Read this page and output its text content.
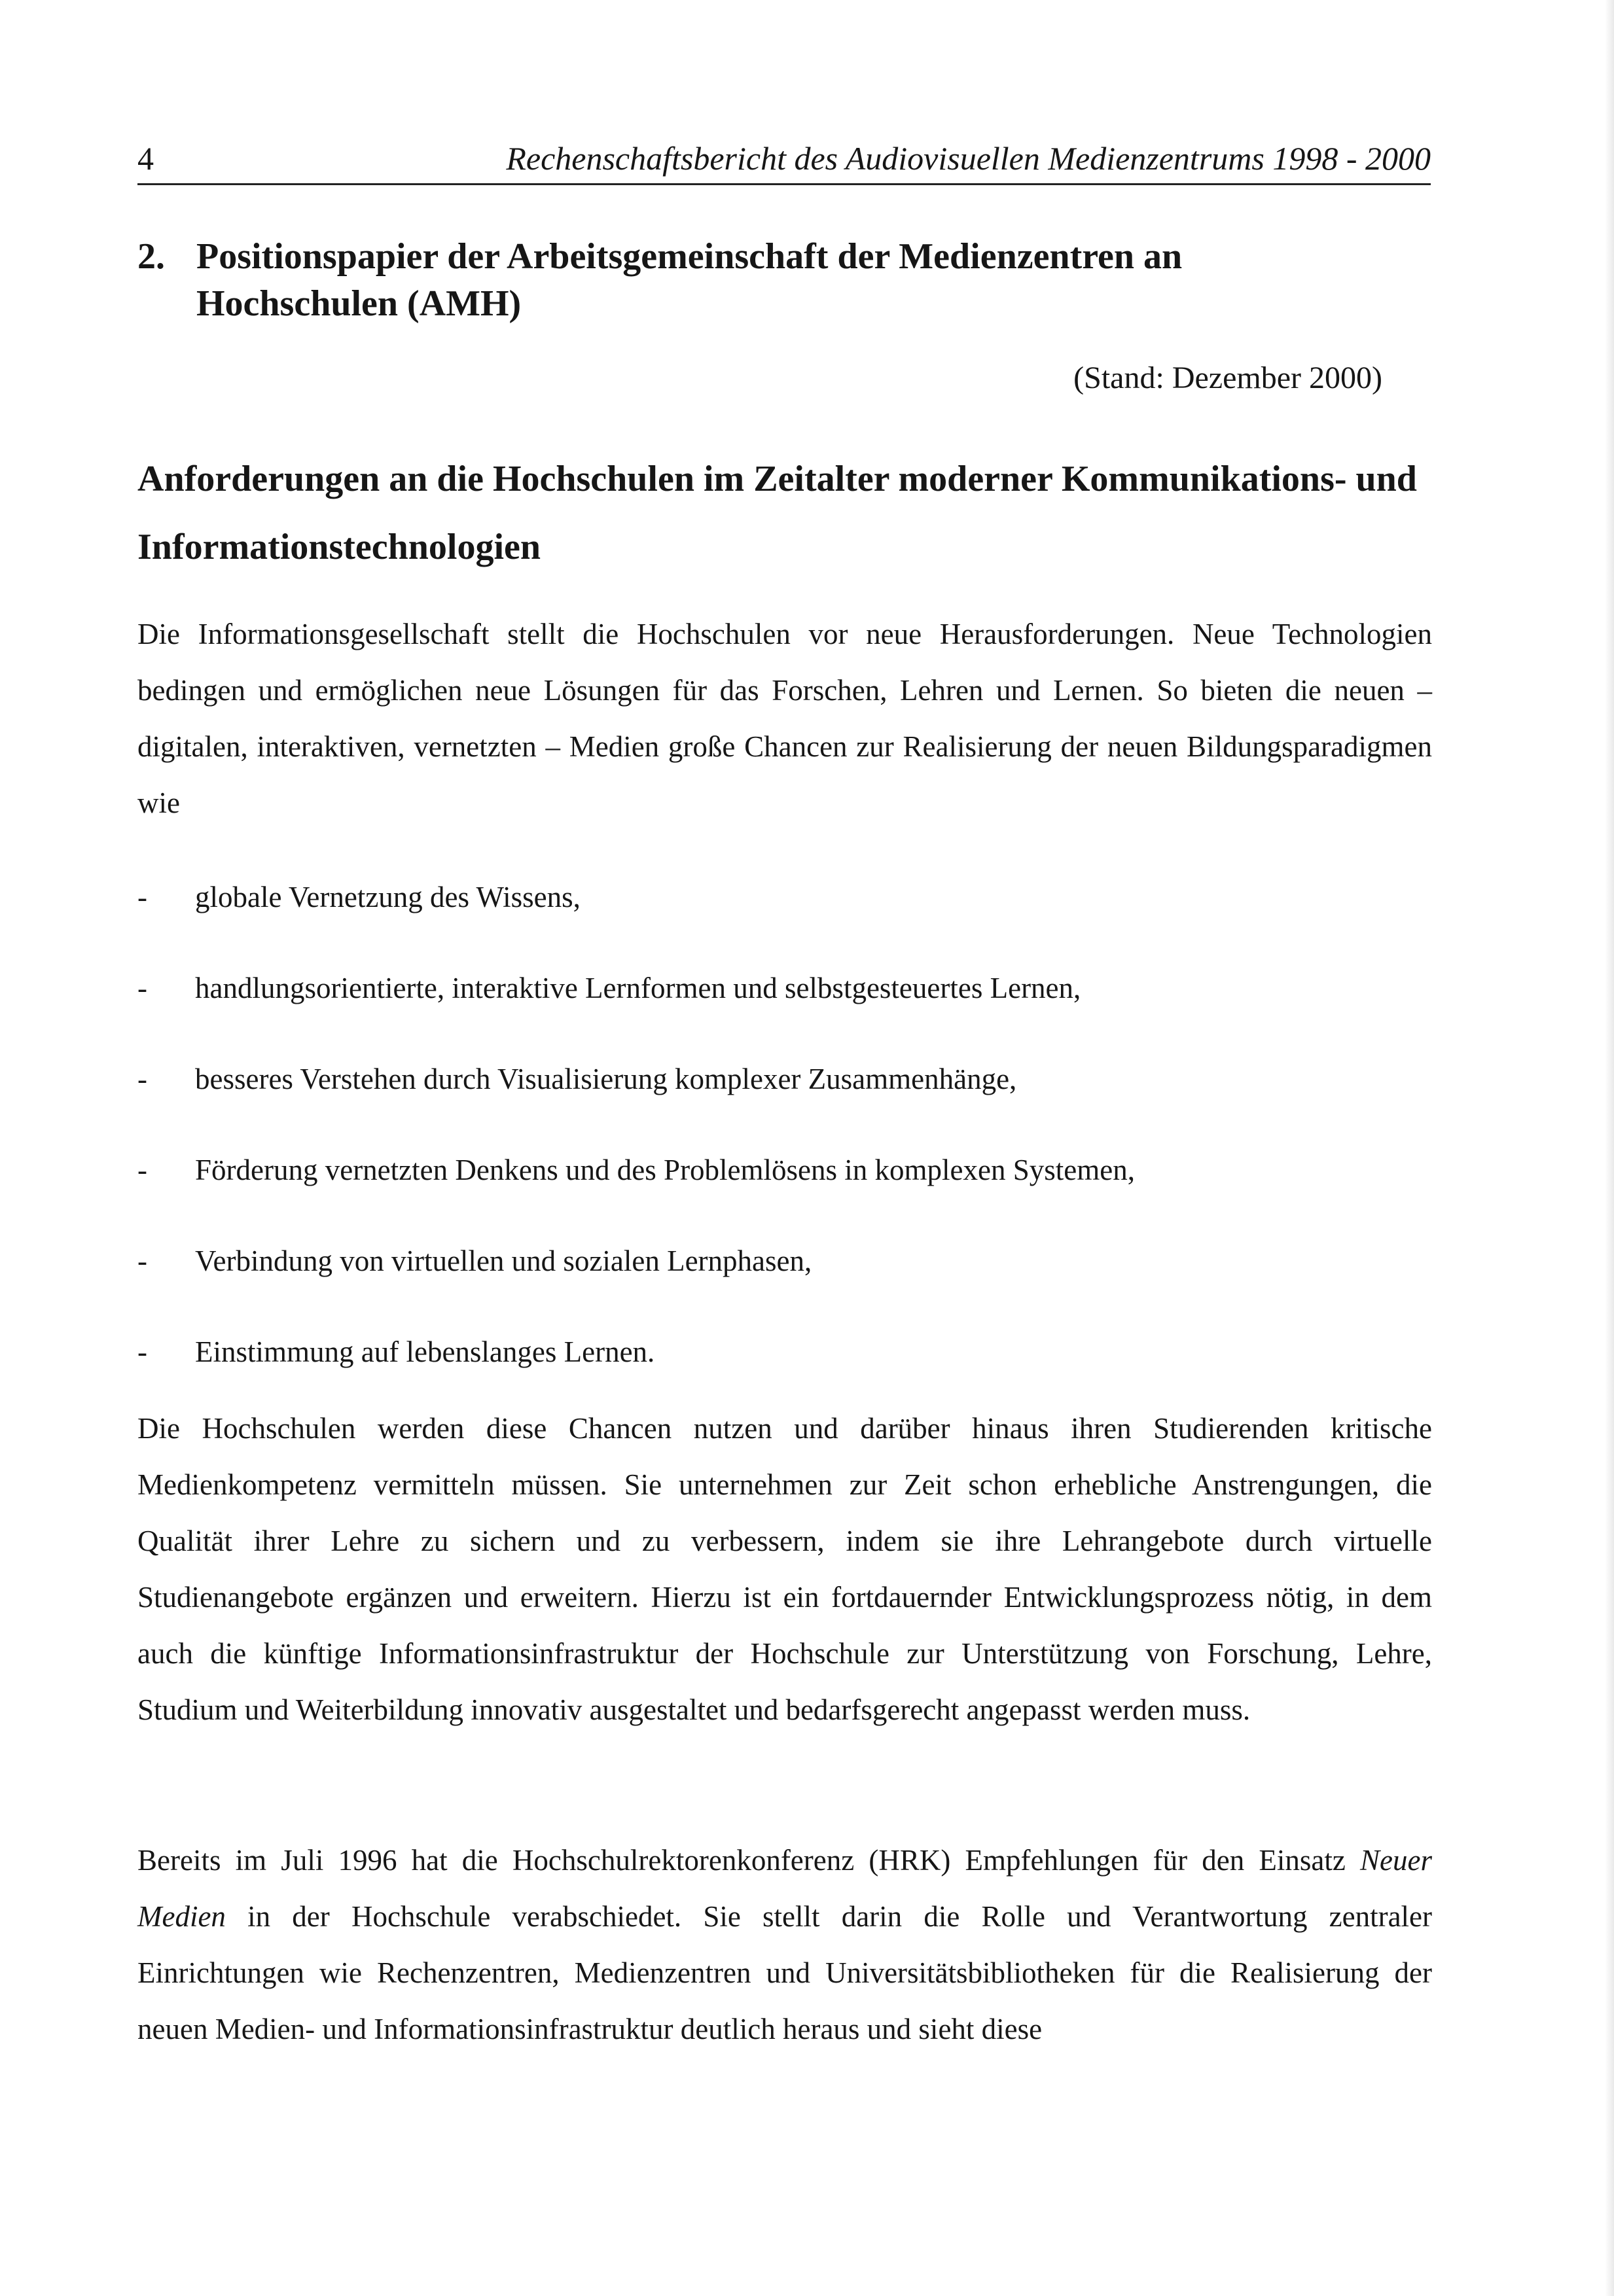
4	Rechenschaftsbericht des Audiovisuellen Medienzentrums 1998 - 2000
2. Positionspapier der Arbeitsgemeinschaft der Medienzentren an Hochschulen (AMH)
(Stand: Dezember 2000)
Anforderungen an die Hochschulen im Zeitalter moderner Kommunikations- und Informationstechnologien

Die Informationsgesellschaft stellt die Hochschulen vor neue Herausforderungen. Neue Technologien bedingen und ermöglichen neue Lösungen für das Forschen, Lehren und Lernen. So bieten die neuen – digitalen, interaktiven, vernetzten – Medien große Chancen zur Realisierung der neuen Bildungsparadigmen wie

- globale Vernetzung des Wissens,
- handlungsorientierte, interaktive Lernformen und selbstgesteuertes Lernen,
- besseres Verstehen durch Visualisierung komplexer Zusammenhänge,
- Förderung vernetzten Denkens und des Problemlösens in komplexen Systemen,
- Verbindung von virtuellen und sozialen Lernphasen,
- Einstimmung auf lebenslanges Lernen.

Die Hochschulen werden diese Chancen nutzen und darüber hinaus ihren Studierenden kritische Medienkompetenz vermitteln müssen. Sie unternehmen zur Zeit schon erhebliche Anstrengungen, die Qualität ihrer Lehre zu sichern und zu verbessern, indem sie ihre Lehrangebote durch virtuelle Studienangebote ergänzen und erweitern. Hierzu ist ein fortdauernder Entwicklungsprozess nötig, in dem auch die künftige Informationsinfrastruktur der Hochschule zur Unterstützung von Forschung, Lehre, Studium und Weiterbildung innovativ ausgestaltet und bedarfsgerecht angepasst werden muss.

Bereits im Juli 1996 hat die Hochschulrektorenkonferenz (HRK) Empfehlungen für den Einsatz Neuer Medien in der Hochschule verabschiedet. Sie stellt darin die Rolle und Verantwortung zentraler Einrichtungen wie Rechenzentren, Medienzentren und Universitätsbibliotheken für die Realisierung der neuen Medien- und Informationsinfrastruktur deutlich heraus und sieht diese
